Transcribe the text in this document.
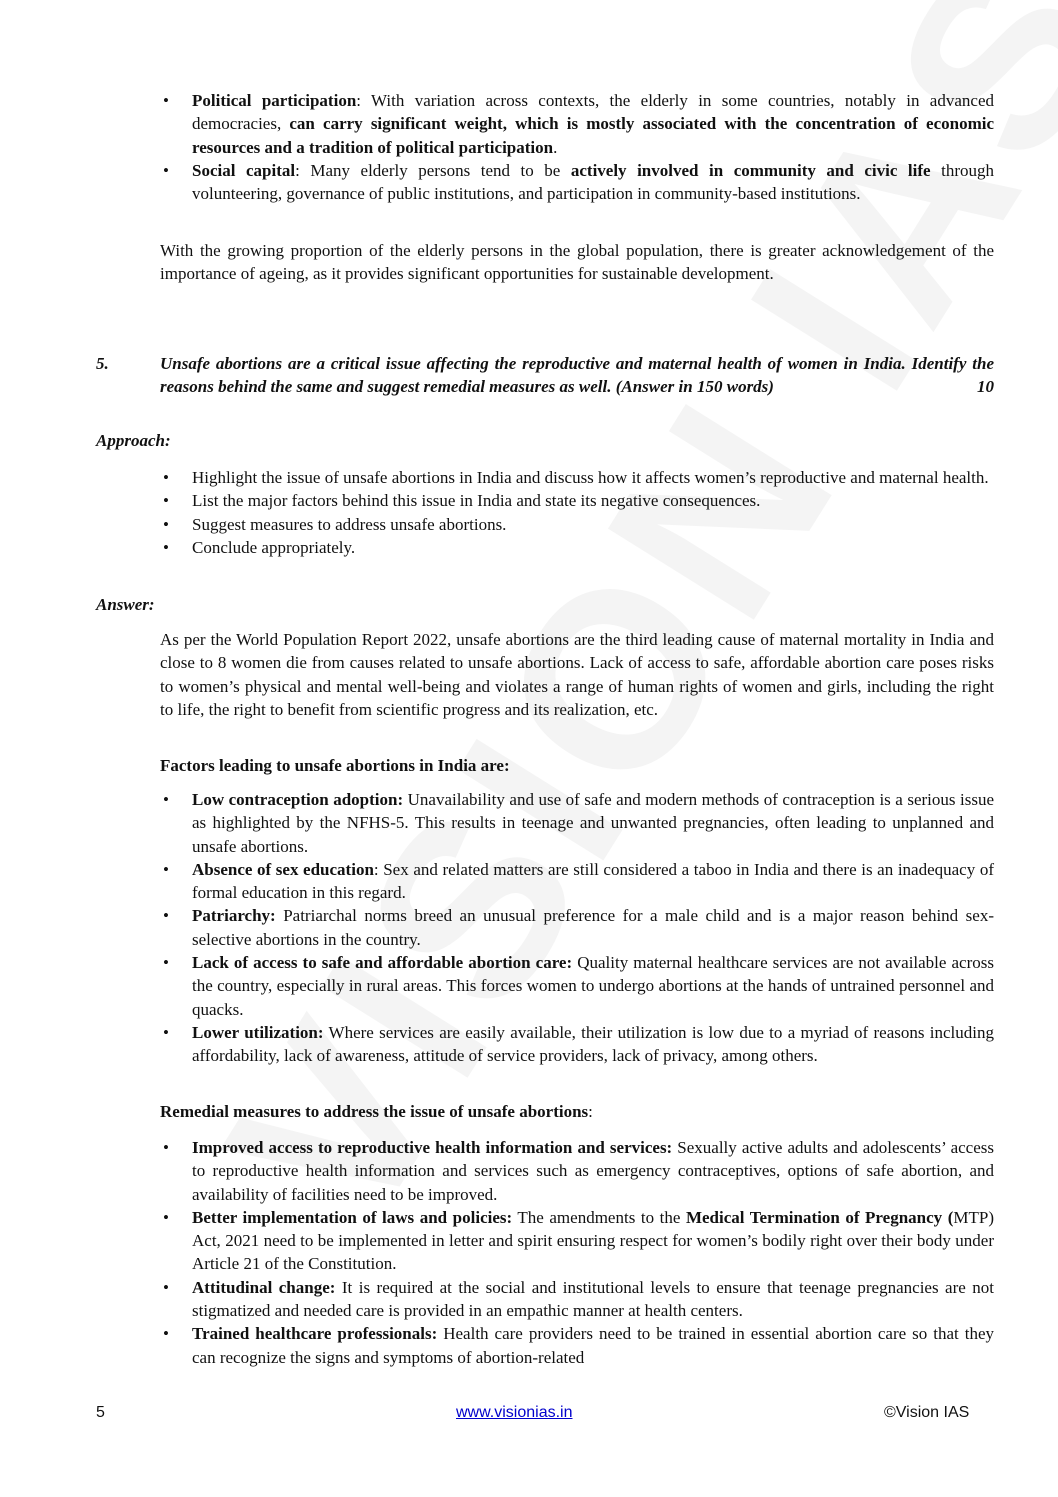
• Political participation: With variation across contexts, the elderly in some countries, notably in advanced democracies, can carry significant weight, which is mostly associated with the concentration of economic resources and a tradition of political participation.
• Social capital: Many elderly persons tend to be actively involved in community and civic life through volunteering, governance of public institutions, and participation in community-based institutions.
With the growing proportion of the elderly persons in the global population, there is greater acknowledgement of the importance of ageing, as it provides significant opportunities for sustainable development.
5.	Unsafe abortions are a critical issue affecting the reproductive and maternal health of women in India. Identify the reasons behind the same and suggest remedial measures as well. (Answer in 150 words)	10
Approach:
• Highlight the issue of unsafe abortions in India and discuss how it affects women’s reproductive and maternal health.
• List the major factors behind this issue in India and state its negative consequences.
• Suggest measures to address unsafe abortions.
• Conclude appropriately.
Answer:
As per the World Population Report 2022, unsafe abortions are the third leading cause of maternal mortality in India and close to 8 women die from causes related to unsafe abortions. Lack of access to safe, affordable abortion care poses risks to women’s physical and mental well-being and violates a range of human rights of women and girls, including the right to life, the right to benefit from scientific progress and its realization, etc.
Factors leading to unsafe abortions in India are:
• Low contraception adoption: Unavailability and use of safe and modern methods of contraception is a serious issue as highlighted by the NFHS-5. This results in teenage and unwanted pregnancies, often leading to unplanned and unsafe abortions.
• Absence of sex education: Sex and related matters are still considered a taboo in India and there is an inadequacy of formal education in this regard.
• Patriarchy: Patriarchal norms breed an unusual preference for a male child and is a major reason behind sex-selective abortions in the country.
• Lack of access to safe and affordable abortion care: Quality maternal healthcare services are not available across the country, especially in rural areas. This forces women to undergo abortions at the hands of untrained personnel and quacks.
• Lower utilization: Where services are easily available, their utilization is low due to a myriad of reasons including affordability, lack of awareness, attitude of service providers, lack of privacy, among others.
Remedial measures to address the issue of unsafe abortions:
• Improved access to reproductive health information and services: Sexually active adults and adolescents’ access to reproductive health information and services such as emergency contraceptives, options of safe abortion, and availability of facilities need to be improved.
• Better implementation of laws and policies: The amendments to the Medical Termination of Pregnancy (MTP) Act, 2021 need to be implemented in letter and spirit ensuring respect for women’s bodily right over their body under Article 21 of the Constitution.
• Attitudinal change: It is required at the social and institutional levels to ensure that teenage pregnancies are not stigmatized and needed care is provided in an empathic manner at health centers.
• Trained healthcare professionals: Health care providers need to be trained in essential abortion care so that they can recognize the signs and symptoms of abortion-related
5	www.visionias.in	©Vision IAS
